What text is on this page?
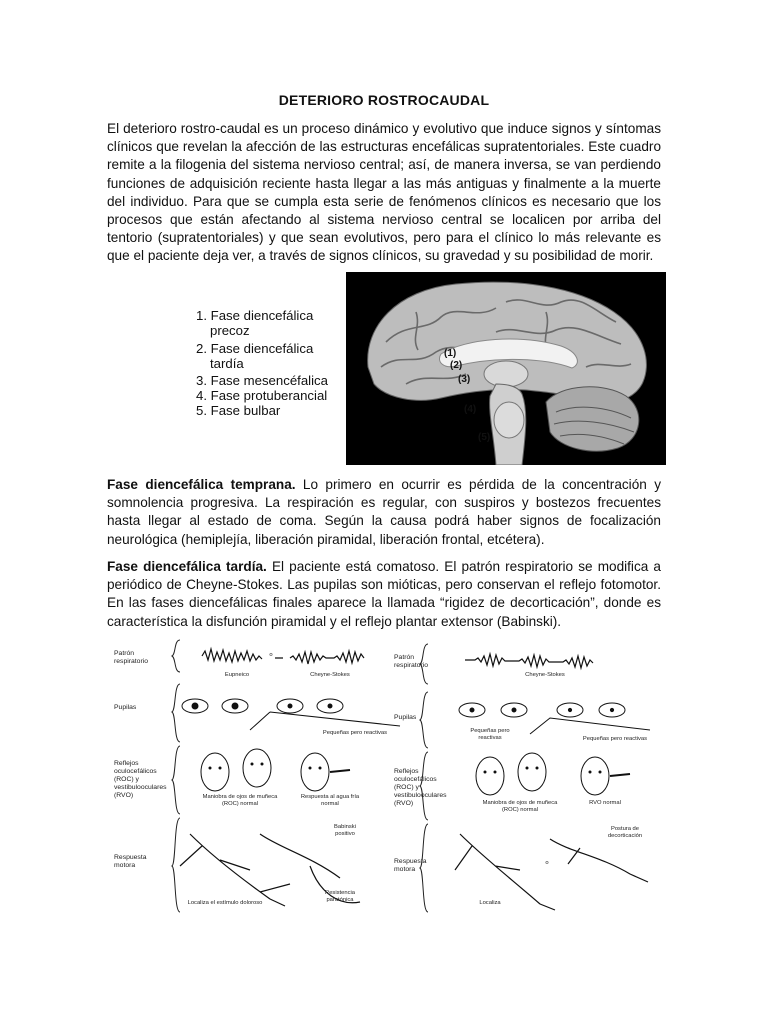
DETERIORO ROSTROCAUDAL
El deterioro rostro-caudal es un proceso dinámico y evolutivo que induce signos y síntomas clínicos que revelan la afección de las estructuras encefálicas supratentoriales. Este cuadro remite a la filogenia del sistema nervioso central; así, de manera inversa, se van perdiendo funciones de adquisición reciente hasta llegar a las más antiguas y finalmente a la muerte del individuo. Para que se cumpla esta serie de fenómenos clínicos es necesario que los procesos que están afectando al sistema nervioso central se localicen por arriba del tentorio (supratentoriales) y que sean evolutivos, pero para el clínico lo más relevante es que el paciente deja ver, a través de signos clínicos, su gravedad y su posibilidad de morir.
1. Fase diencefálica
precoz
2. Fase diencefálica
tardía
3. Fase mesencéfalica
4. Fase protuberancial
5. Fase bulbar
(1)
(2)
(3)
(4)
(5)
Fase diencefálica temprana. Lo primero en ocurrir es pérdida de la concentración y somnolencia progresiva. La respiración es regular, con suspiros y bostezos frecuentes hasta llegar al estado de coma. Según la causa podrá haber signos de focalización neurológica (hemiplejía, liberación piramidal, liberación frontal, etcétera).
Fase diencefálica tardía. El paciente está comatoso. El patrón respiratorio se modifica a periódico de Cheyne-Stokes. Las pupilas son mióticas, pero conservan el reflejo fotomotor. En las fases diencefálicas finales aparece la llamada “rigidez de decorticación”, donde es característica la disfunción piramidal y el reflejo plantar extensor (Babinski).
Patrón respiratorio
Pupilas
Reflejos oculocefálicos (ROC) y vestibulooculares (RVO)
Respuesta motora
Eupneico
o
Cheyne-Stokes
Pequeñas pero reactivas
Maniobra de ojos de muñeca (ROC) normal
Respuesta al agua fría normal
Babinski positivo
Localiza el estímulo doloroso
Resistencia paratónica
Patrón respiratorio
Pupilas
Reflejos oculocefálicos (ROC) y vestibulooculares (RVO)
Respuesta motora
Cheyne-Stokes
Pequeñas pero reactivas	Pequeñas pero reactivas
Maniobra de ojos de muñeca (ROC) normal
RVO normal
Postura de decorticación
Localiza
o
